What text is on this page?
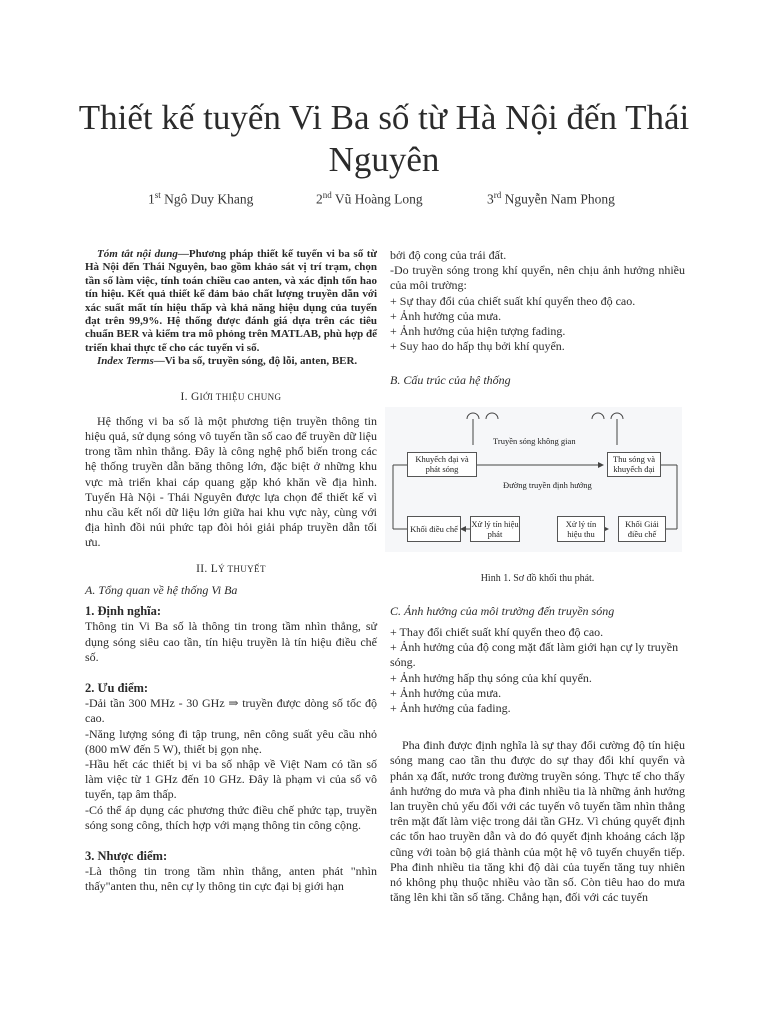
Thiết kế tuyến Vi Ba số từ Hà Nội đến Thái Nguyên
1st Ngô Duy Khang	2nd Vũ Hoàng Long	3rd Nguyễn Nam Phong

Tóm tắt nội dung—Phương pháp thiết kế tuyến vi ba số từ Hà Nội đến Thái Nguyên, bao gồm khảo sát vị trí trạm, chọn tần số làm việc, tính toán chiều cao anten, và xác định tổn hao tín hiệu. Kết quả thiết kế đảm bảo chất lượng truyền dẫn với xác suất mất tín hiệu thấp và khả năng hiệu dụng của tuyến đạt trên 99,9%. Hệ thống được đánh giá dựa trên các tiêu chuẩn BER và kiểm tra mô phỏng trên MATLAB, phù hợp để triển khai thực tế cho các tuyến vi số.

Index Terms—Vi ba số, truyền sóng, độ lỗi, anten, BER.

I. GIỚI THIỆU CHUNG

Hệ thống vi ba số là một phương tiện truyền thông tin hiệu quả, sử dụng sóng vô tuyến tần số cao để truyền dữ liệu trong tầm nhìn thẳng. Đây là công nghệ phổ biến trong các hệ thống truyền dẫn băng thông lớn, đặc biệt ở những khu vực mà triển khai cáp quang gặp khó khăn về địa hình. Tuyến Hà Nội - Thái Nguyên được lựa chọn để thiết kế vì nhu cầu kết nối dữ liệu lớn giữa hai khu vực này, cùng với địa hình đồi núi phức tạp đòi hỏi giải pháp truyền dẫn tối ưu.

II. LÝ THUYẾT

A. Tổng quan về hệ thống Vi Ba

1. Định nghĩa:

Thông tin Vi Ba số là thông tin trong tầm nhìn thẳng, sử dụng sóng siêu cao tần, tín hiệu truyền là tín hiệu điều chế số.

2. Ưu điểm:

-Dải tần 300 MHz - 30 GHz ⇒ truyền được dòng số tốc độ cao.

-Năng lượng sóng đi tập trung, nên công suất yêu cầu nhỏ (800 mW đến 5 W), thiết bị gọn nhẹ.

-Hầu hết các thiết bị vi ba số nhập về Việt Nam có tần số làm việc từ 1 GHz đến 10 GHz. Đây là phạm vi của sổ vô tuyến, tạp âm thấp.

-Có thể áp dụng các phương thức điều chế phức tạp, truyền sóng song công, thích hợp với mạng thông tin công cộng.

3. Nhược điểm:

-Là thông tin trong tầm nhìn thẳng, anten phát "nhìn thấy"anten thu, nên cự ly thông tin cực đại bị giới hạn

bởi độ cong của trái đất.

-Do truyền sóng trong khí quyển, nên chịu ảnh hưởng nhiều của môi trường:

+ Sự thay đổi của chiết suất khí quyển theo độ cao.

+ Ảnh hưởng của mưa.

+ Ảnh hưởng của hiện tượng fading.

+ Suy hao do hấp thụ bởi khí quyển.

B. Cấu trúc của hệ thống

Truyền sóng không gian
Đường truyền định hướng
Khuyếch đại và phát sóng
Thu sóng và khuyếch đại
Khối điều chế	Xử lý tín hiệu phát
Xử lý tín hiệu thu
Khối Giải điều chế

Hình 1. Sơ đồ khối thu phát.

C. Ảnh hưởng của môi trường đến truyền sóng

+ Thay đổi chiết suất khí quyển theo độ cao.

+ Ảnh hưởng của độ cong mặt đất làm giới hạn cự ly truyền sóng.

+ Ảnh hưởng hấp thụ sóng của khí quyển.

+ Ảnh hưởng của mưa.

+ Ảnh hưởng của fading.

Pha đinh được định nghĩa là sự thay đổi cường độ tín hiệu sóng mang cao tần thu được do sự thay đổi khí quyển và phản xạ đất, nước trong đường truyền sóng. Thực tế cho thấy ảnh hưởng do mưa và pha đinh nhiều tia là những ảnh hưởng lan truyền chủ yếu đối với các tuyến vô tuyến tầm nhìn thẳng trên mặt đất làm việc trong dải tần GHz. Vì chúng quyết định các tổn hao truyền dẫn và do đó quyết định khoảng cách lặp cũng với toàn bộ giá thành của một hệ vô tuyến chuyển tiếp. Pha đinh nhiều tia tăng khi độ dài của tuyến tăng tuy nhiên nó không phụ thuộc nhiều vào tần số. Còn tiêu hao do mưa tăng lên khi tần số tăng. Chẳng hạn, đối với các tuyến
